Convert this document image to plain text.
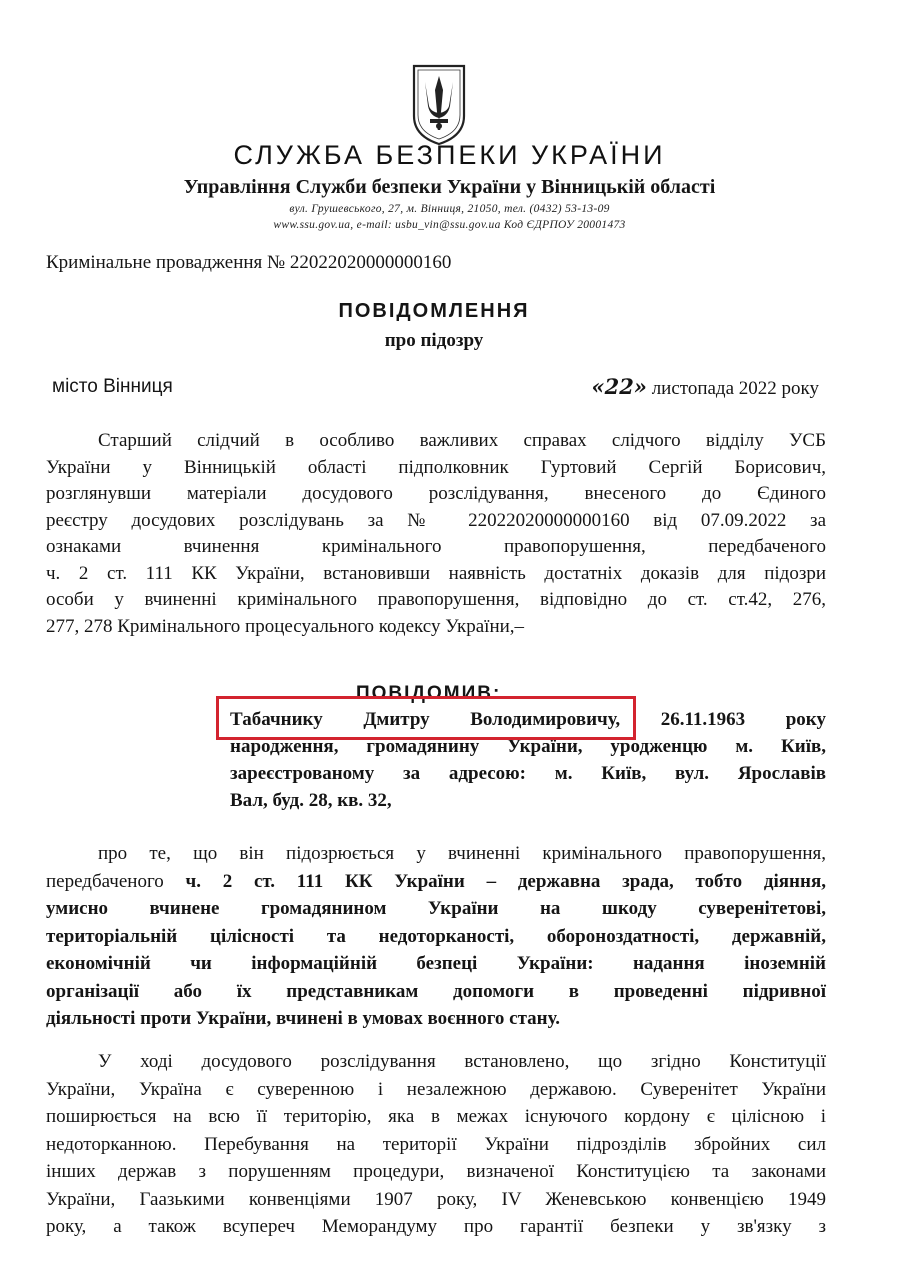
СЛУЖБА БЕЗПЕКИ УКРАЇНИ
Управління Служби безпеки України у Вінницькій області
вул. Грушевського, 27, м. Вінниця, 21050, тел. (0432) 53-13-09
www.ssu.gov.ua, e-mail: usbu_vin@ssu.gov.ua Код ЄДРПОУ 20001473
Кримінальне провадження № 22022020000000160
ПОВІДОМЛЕННЯ
про підозру
місто Вінниця	«22» листопада 2022 року
Старший слідчий в особливо важливих справах слідчого відділу УСБ
України у Вінницькій області підполковник Гуртовий Сергій Борисович,
розглянувши матеріали досудового розслідування, внесеного до Єдиного
реєстру досудових розслідувань за № 22022020000000160 від 07.09.2022 за
ознаками вчинення кримінального правопорушення, передбаченого
ч. 2 ст. 111 КК України, встановивши наявність достатніх доказів для підозри
особи у вчиненні кримінального правопорушення, відповідно до ст. ст.42, 276,
277, 278 Кримінального процесуального кодексу України,–
ПОВІДОМИВ:
Табачнику Дмитру Володимировичу, 26.11.1963 року
народження, громадянину України, уродженцю м. Київ,
зареєстрованому за адресою: м. Київ, вул. Ярославів
Вал, буд. 28, кв. 32,
про те, що він підозрюється у вчиненні кримінального правопорушення,
передбаченого ч. 2 ст. 111 КК України – державна зрада, тобто діяння,
умисно вчинене громадянином України на шкоду суверенітетові,
територіальній цілісності та недоторканості, обороноздатності, державній,
економічній чи інформаційній безпеці України: надання іноземній
організації або їх представникам допомоги в проведенні підривної
діяльності проти України, вчинені в умовах воєнного стану.
У ході досудового розслідування встановлено, що згідно Конституції
України, Україна є суверенною і незалежною державою. Суверенітет України
поширюється на всю її територію, яка в межах існуючого кордону є цілісною і
недоторканною. Перебування на території України підрозділів збройних сил
інших держав з порушенням процедури, визначеної Конституцією та законами
України, Гаазькими конвенціями 1907 року, IV Женевською конвенцією 1949
року, а також всупереч Меморандуму про гарантії безпеки у зв'язку з
